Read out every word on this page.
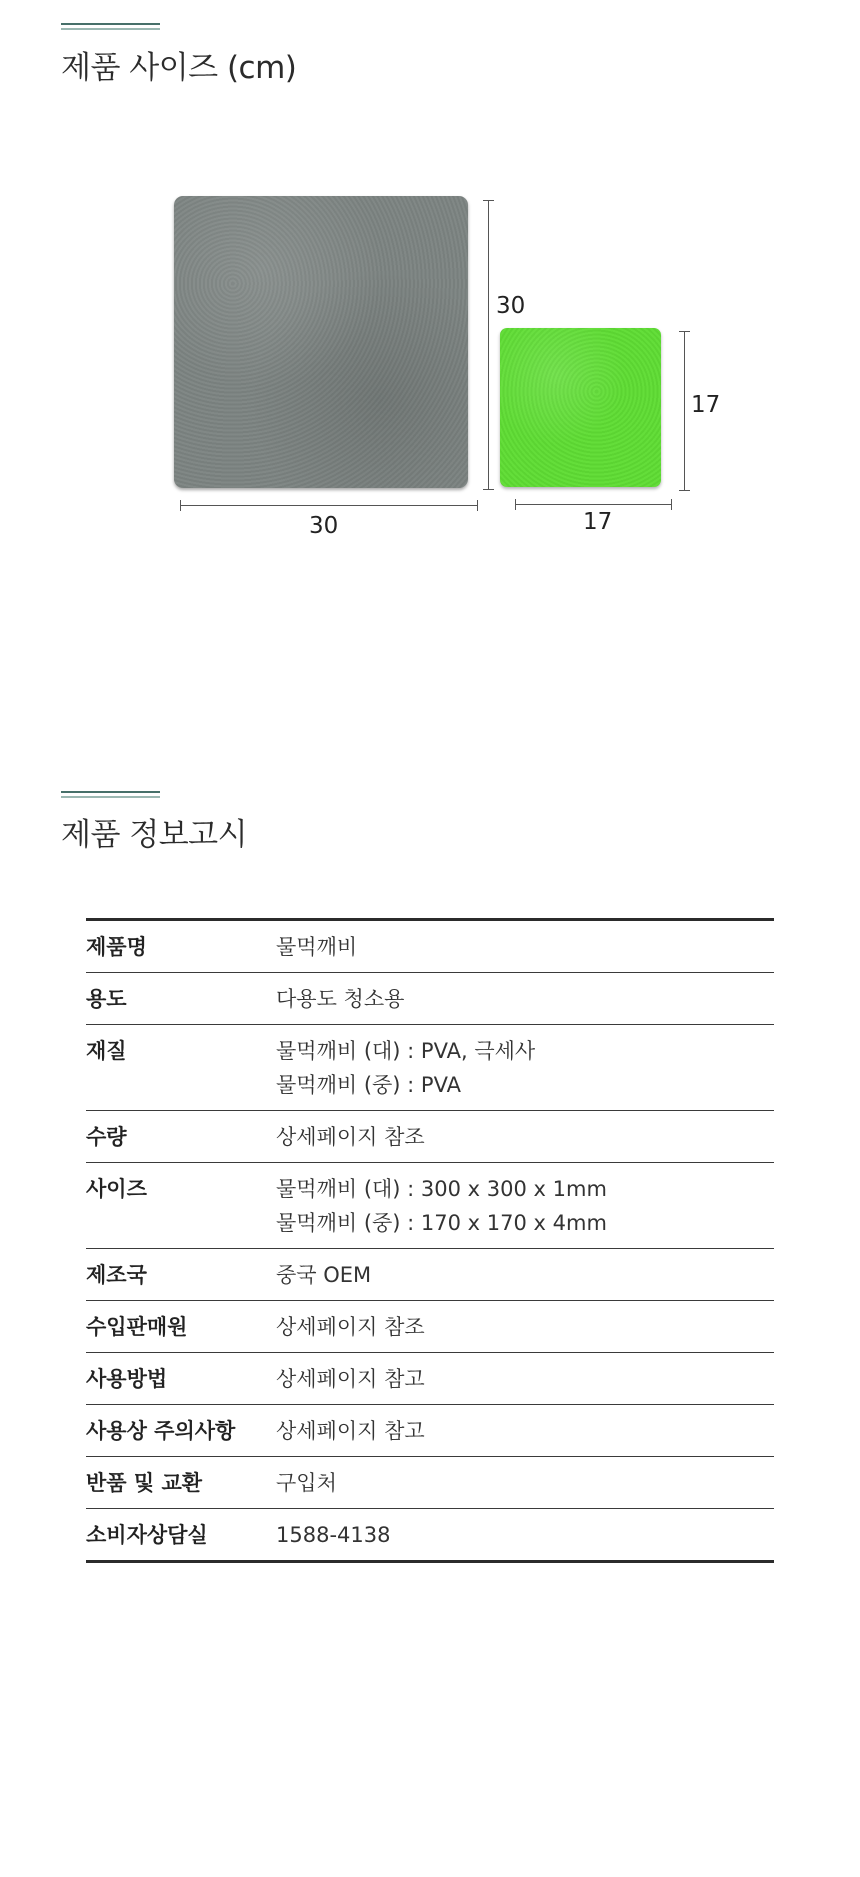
제품 사이즈 (cm)
30
30
17
17
제품 정보고시
제품명	물먹깨비

용도	다용도 청소용

재질	물먹깨비 (대) : PVA, 극세사
물먹깨비 (중) : PVA

수량	상세페이지 참조

사이즈	물먹깨비 (대) : 300 x 300 x 1mm
물먹깨비 (중) : 170 x 170 x 4mm

제조국	중국 OEM

수입판매원	상세페이지 참조

사용방법	상세페이지 참고

사용상 주의사항	상세페이지 참고

반품 및 교환	구입처

소비자상담실	1588-4138
